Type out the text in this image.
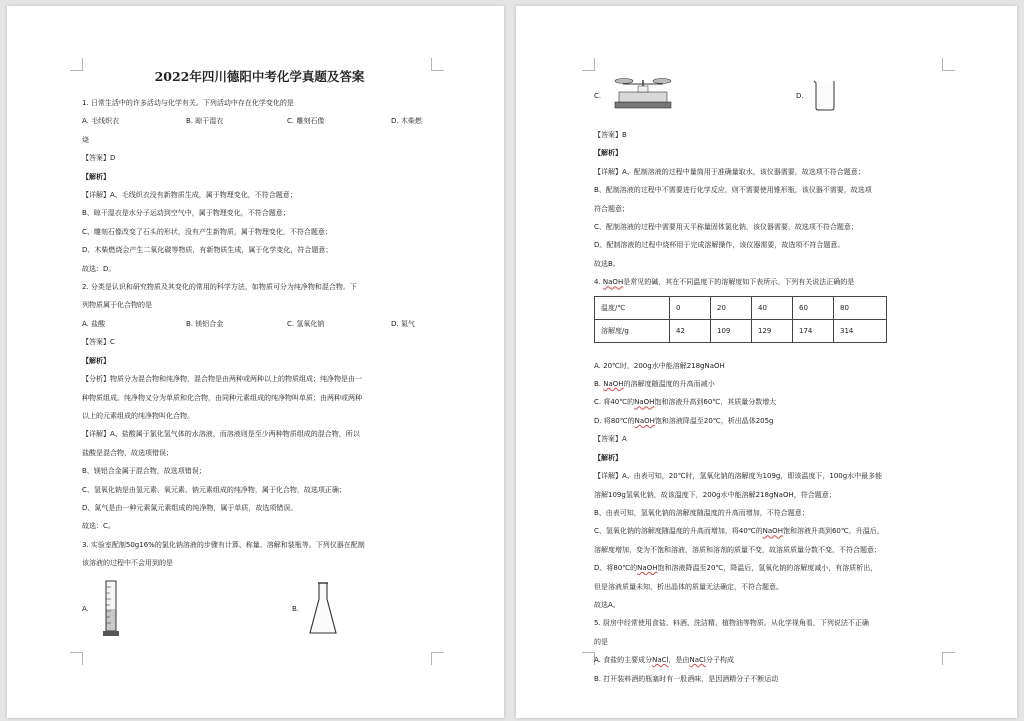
2022年四川德阳中考化学真题及答案
1. 日常生活中的许多活动与化学有关。下列活动中存在化学变化的是
A. 毛线织衣	B. 晾干湿衣	C. 雕刻石像	D. 木柴燃
烧
【答案】D
【解析】
【详解】A、毛线织衣没有新物质生成，属于物理变化，不符合题意；
B、晾干湿衣是水分子运动到空气中，属于物理变化，不符合题意；
C、雕刻石像改变了石头的形状，没有产生新物质，属于物理变化，不符合题意；
D、木柴燃烧会产生二氧化碳等物质，有新物质生成，属于化学变化，符合题意；
故选：D。
2. 分类是认识和研究物质及其变化的常用的科学方法，如物质可分为纯净物和混合物。下
列物质属于化合物的是
A. 盐酸	B. 镁铝合金	C. 氢氧化钠	D. 氮气
【答案】C
【解析】
【分析】物质分为混合物和纯净物，混合物是由两种或两种以上的物质组成；纯净物是由一
种物质组成。纯净物又分为单质和化合物，由同种元素组成的纯净物叫单质；由两种或两种
以上的元素组成的纯净物叫化合物。
【详解】A、盐酸属于氯化氢气体的水溶液，而溶液则是至少两种物质组成的混合物，所以
盐酸是混合物，故选项错误；
B、镁铝合金属于混合物，故选项错误；
C、氢氧化钠是由氢元素、氧元素、钠元素组成的纯净物，属于化合物，故选项正确；
D、氮气是由一种元素氮元素组成的纯净物，属于单质，故选项错误。
故选：C。
3. 实验室配制50g16%的氯化钠溶液的步骤有计算、称量、溶解和装瓶等。下列仪器在配制
该溶液的过程中不会用到的是
A.	B.
C.	D.
【答案】B
【解析】
【详解】A、配制溶液的过程中量筒用于准确量取水，该仪器需要，故选项不符合题意；
B、配制溶液的过程中不需要进行化学反应，则不需要使用锥形瓶，该仪器不需要，故选项
符合题意；
C、配制溶液的过程中需要用天平称量固体氯化钠，该仪器需要，故选项不符合题意；
D、配制溶液的过程中烧杯用于完成溶解操作，该仪器需要，故选项不符合题意。
故选B。
4. NaOH是常见的碱，其在不同温度下的溶解度如下表所示。下列有关说法正确的是
温度/℃	0	20	40	60	80
溶解度/g	42	109	129	174	314
A. 20℃时，200g水中能溶解218gNaOH
B. NaOH的溶解度随温度的升高而减小
C. 将40℃的NaOH饱和溶液升高到60℃，其质量分数增大
D. 将80℃的NaOH饱和溶液降温至20℃，析出晶体205g
【答案】A
【解析】
【详解】A、由表可知，20℃时，氢氧化钠的溶解度为109g，即该温度下，100g水中最多能
溶解109g氢氧化钠，故该温度下，200g水中能溶解218gNaOH，符合题意；
B、由表可知，氢氧化钠的溶解度随温度的升高而增加，不符合题意；
C、氢氧化钠的溶解度随温度的升高而增加，将40℃的NaOH饱和溶液升高到60℃，升温后，
溶解度增加，变为不饱和溶液，溶质和溶剂的质量不变，故溶质质量分数不变，不符合题意；
D、将80℃的NaOH饱和溶液降温至20℃，降温后，氢氧化钠的溶解度减小，有溶质析出，
但是溶液质量未知，析出晶体的质量无法确定，不符合题意。
故选A。
5. 厨房中经常使用食盐、料酒、洗洁精、植物油等物质。从化学视角看，下列说法不正确
的是
A. 食盐的主要成分NaCl，是由NaCl分子构成
B. 打开装料酒的瓶塞时有一股酒味，是因酒精分子不断运动
